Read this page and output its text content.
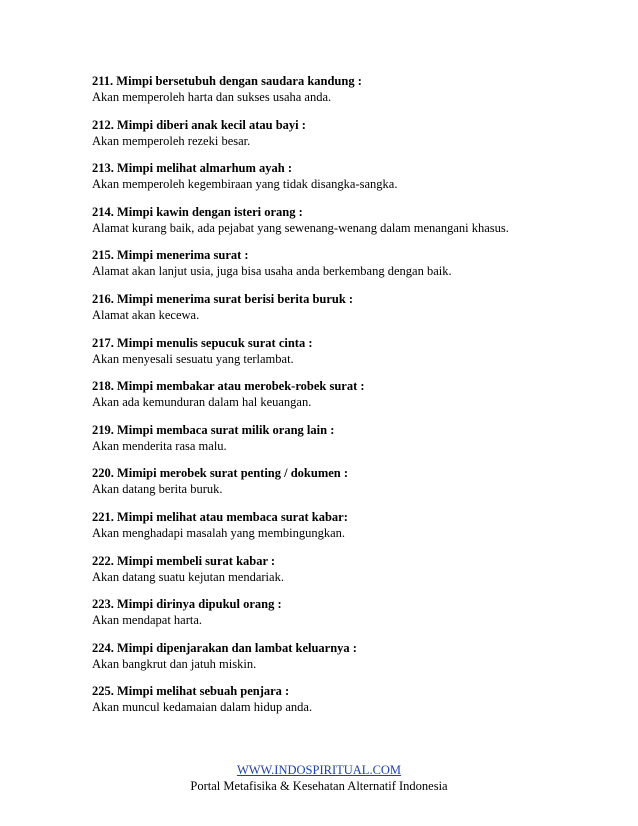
211. Mimpi bersetubuh dengan saudara kandung :
Akan memperoleh harta dan sukses usaha anda.
212. Mimpi diberi anak kecil atau bayi :
Akan memperoleh rezeki besar.
213. Mimpi melihat almarhum ayah :
Akan memperoleh kegembiraan yang tidak disangka-sangka.
214. Mimpi kawin dengan isteri orang :
Alamat kurang baik, ada pejabat yang sewenang-wenang dalam menangani khasus.
215. Mimpi menerima surat :
Alamat akan lanjut usia, juga bisa usaha anda berkembang dengan baik.
216. Mimpi menerima surat berisi berita buruk :
Alamat akan kecewa.
217. Mimpi menulis sepucuk surat cinta :
Akan menyesali sesuatu yang terlambat.
218. Mimpi membakar atau merobek-robek surat :
Akan ada kemunduran dalam hal keuangan.
219. Mimpi membaca surat milik orang lain :
Akan menderita rasa malu.
220. Mimipi merobek surat penting / dokumen :
Akan datang berita buruk.
221. Mimpi melihat atau membaca surat kabar:
Akan menghadapi masalah yang membingungkan.
222. Mimpi membeli surat kabar :
Akan datang suatu kejutan mendariak.
223. Mimpi dirinya dipukul orang :
Akan mendapat harta.
224. Mimpi dipenjarakan dan lambat keluarnya :
Akan bangkrut dan jatuh miskin.
225. Mimpi melihat sebuah penjara :
Akan muncul kedamaian dalam hidup anda.
WWW.INDOSPIRITUAL.COM
Portal Metafisika & Kesehatan Alternatif Indonesia
